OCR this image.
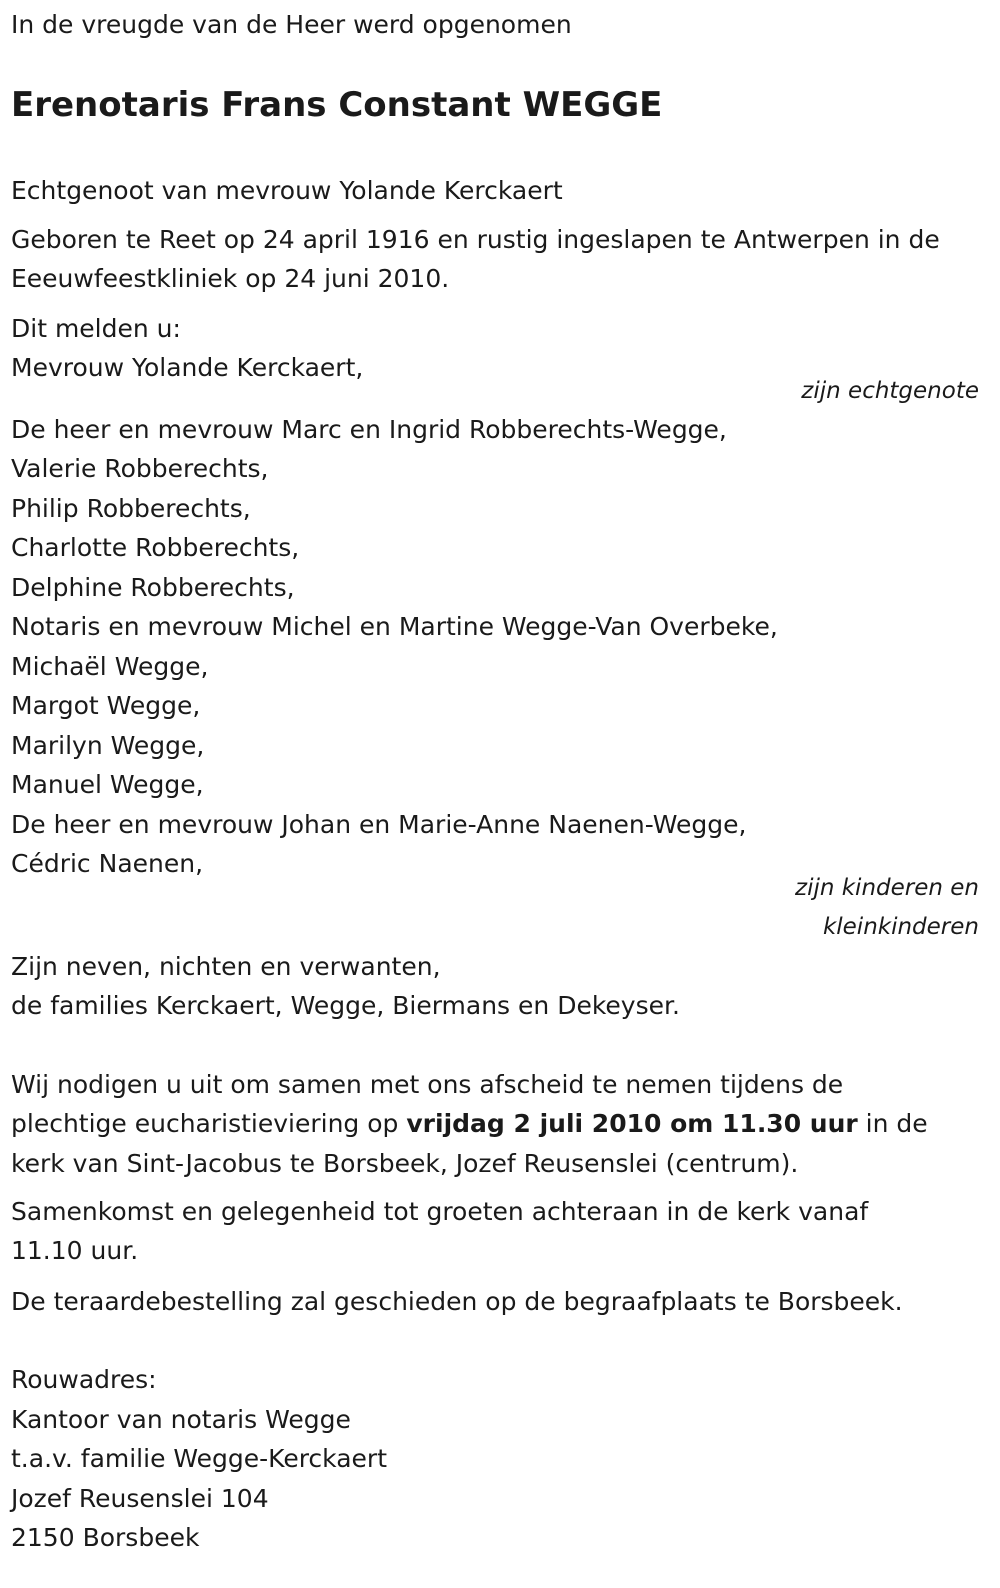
In de vreugde van de Heer werd opgenomen
Erenotaris Frans Constant WEGGE
Echtgenoot van mevrouw Yolande Kerckaert
Geboren te Reet op 24 april 1916 en rustig ingeslapen te Antwerpen in de
Eeeuwfeestkliniek op 24 juni 2010.
Dit melden u:
Mevrouw Yolande Kerckaert,
zijn echtgenote
De heer en mevrouw Marc en Ingrid Robberechts-Wegge,
Valerie Robberechts,
Philip Robberechts,
Charlotte Robberechts,
Delphine Robberechts,
Notaris en mevrouw Michel en Martine Wegge-Van Overbeke,
Michaël Wegge,
Margot Wegge,
Marilyn Wegge,
Manuel Wegge,
De heer en mevrouw Johan en Marie-Anne Naenen-Wegge,
Cédric Naenen,
zijn kinderen en
kleinkinderen
Zijn neven, nichten en verwanten,
de families Kerckaert, Wegge, Biermans en Dekeyser.
Wij nodigen u uit om samen met ons afscheid te nemen tijdens de
plechtige eucharistieviering op vrijdag 2 juli 2010 om 11.30 uur in de
kerk van Sint-Jacobus te Borsbeek, Jozef Reusenslei (centrum).
Samenkomst en gelegenheid tot groeten achteraan in de kerk vanaf
11.10 uur.
De teraardebestelling zal geschieden op de begraafplaats te Borsbeek.
Rouwadres:
Kantoor van notaris Wegge
t.a.v. familie Wegge-Kerckaert
Jozef Reusenslei 104
2150 Borsbeek
